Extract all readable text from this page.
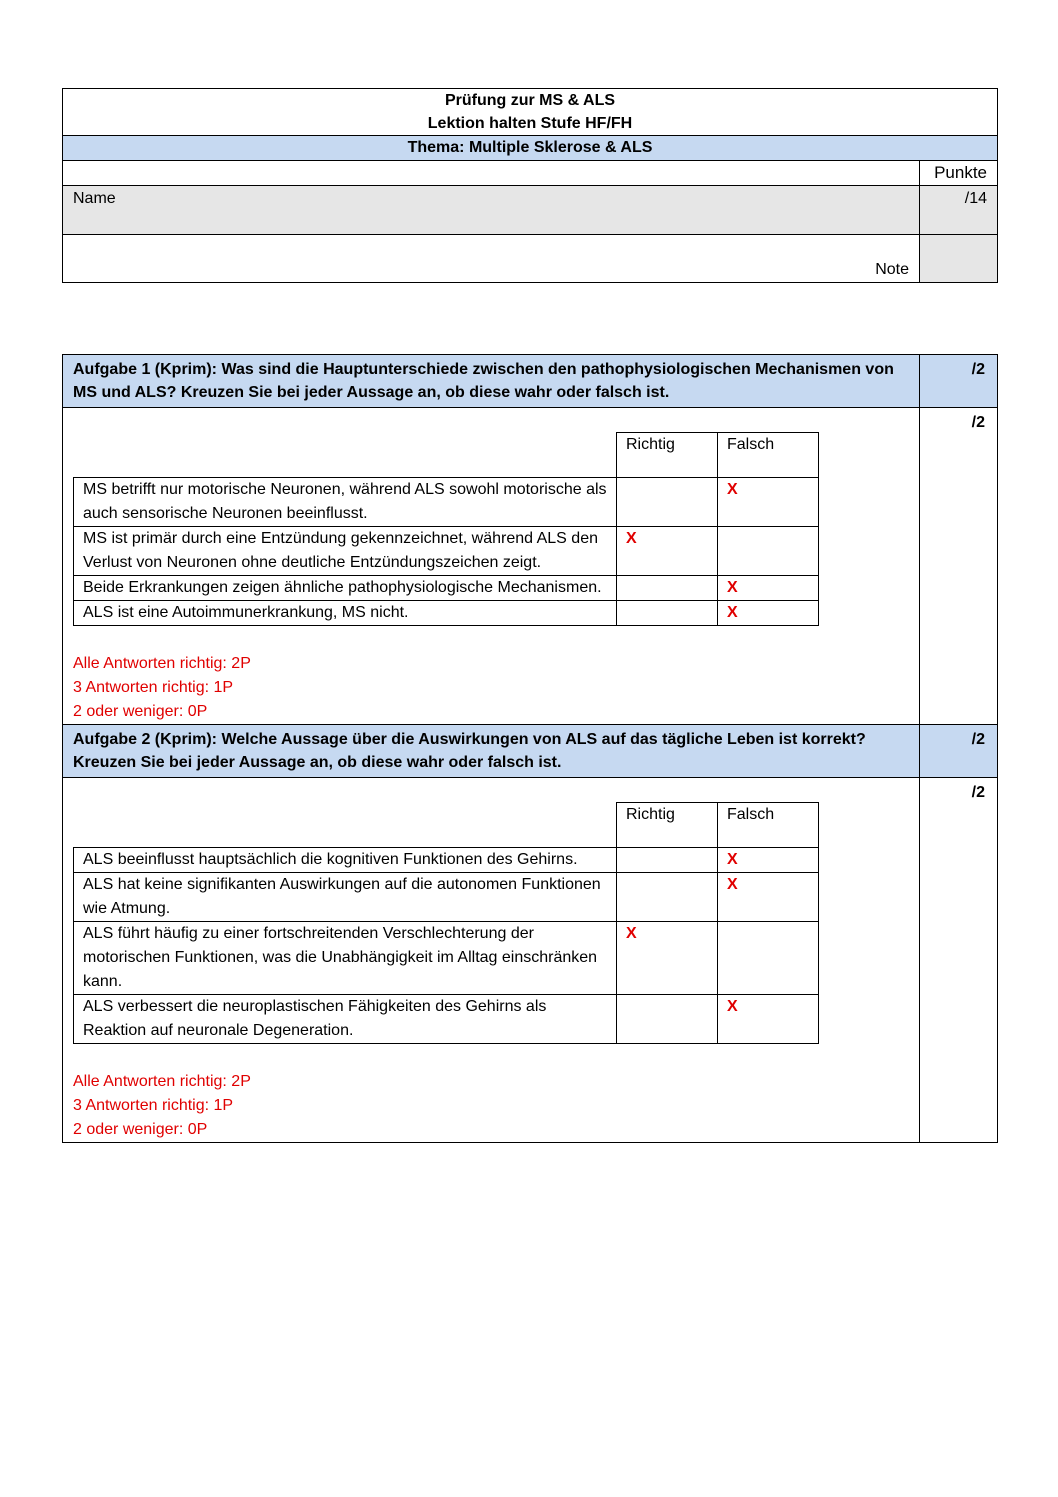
Prüfung zur MS & ALS
Lektion halten Stufe HF/FH	

Thema: Multiple Sklerose & ALS	
	Punkte
Name	/14
Note	
Aufgabe 1 (Kprim): Was sind die Hauptunterschiede zwischen den pathophysiologischen Mechanismen von MS und ALS? Kreuzen Sie bei jeder Aussage an, ob diese wahr oder falsch ist.	/2

	Richtig	Falsch
MS betrifft nur motorische Neuronen, während ALS sowohl motorische als auch sensorische Neuronen beeinflusst.		X
MS ist primär durch eine Entzündung gekennzeichnet, während ALS den Verlust von Neuronen ohne deutliche Entzündungszeichen zeigt.	X	
Beide Erkrankungen zeigen ähnliche pathophysiologische Mechanismen.		X
ALS ist eine Autoimmunerkrankung, MS nicht.		X
Alle Antworten richtig: 2P
3 Antworten richtig: 1P
2 oder weniger: 0P
	/2
Aufgabe 2 (Kprim): Welche Aussage über die Auswirkungen von ALS auf das tägliche Leben ist korrekt? Kreuzen Sie bei jeder Aussage an, ob diese wahr oder falsch ist.	/2

	Richtig	Falsch
ALS beeinflusst hauptsächlich die kognitiven Funktionen des Gehirns.		X
ALS hat keine signifikanten Auswirkungen auf die autonomen Funktionen wie Atmung.		X
ALS führt häufig zu einer fortschreitenden Verschlechterung der motorischen Funktionen, was die Unabhängigkeit im Alltag einschränken kann.	X	
ALS verbessert die neuroplastischen Fähigkeiten des Gehirns als Reaktion auf neuronale Degeneration.		X
Alle Antworten richtig: 2P
3 Antworten richtig: 1P
2 oder weniger: 0P
	/2
